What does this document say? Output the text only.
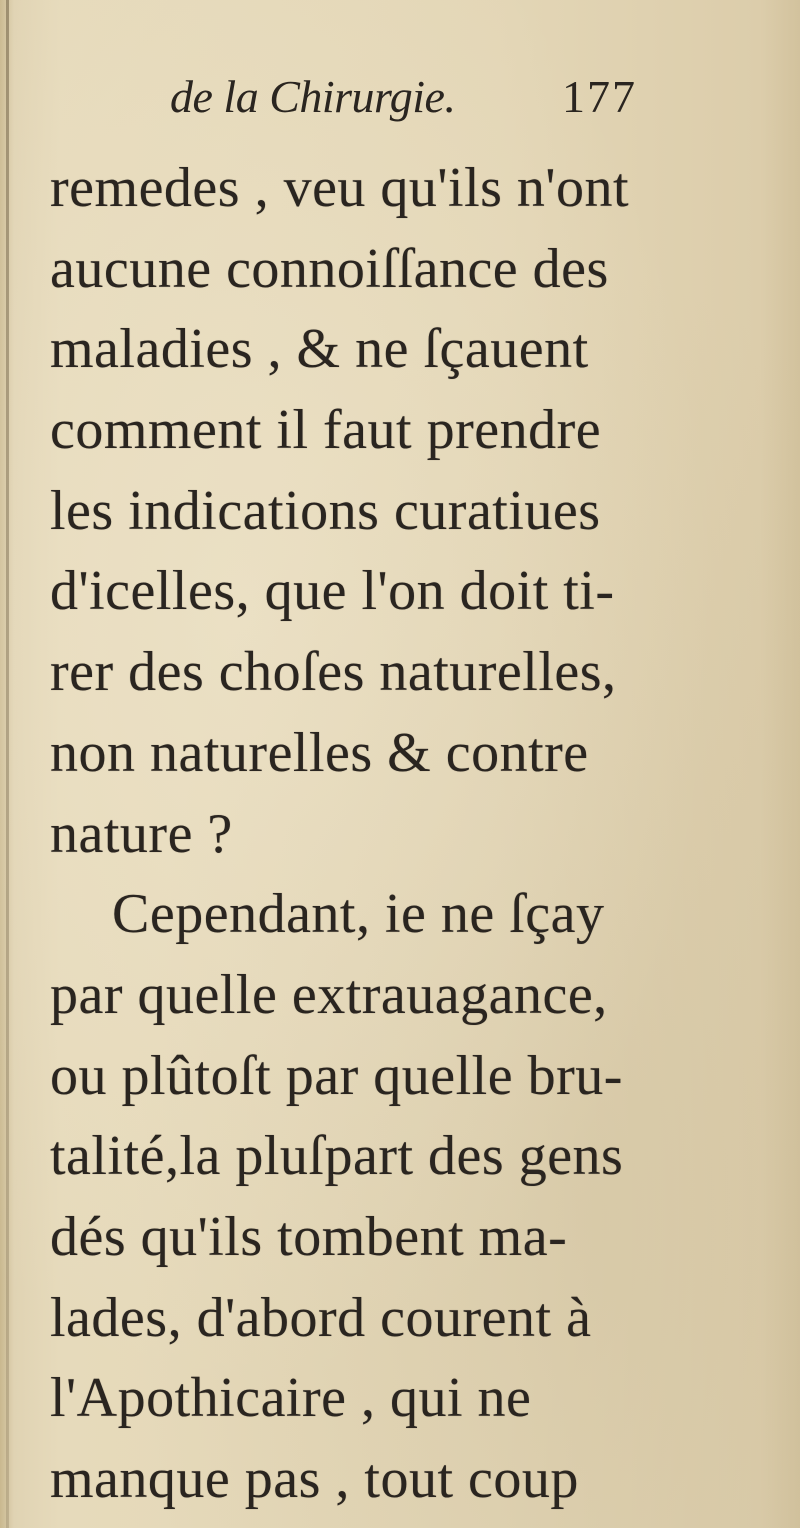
de la Chirurgie. 177
remedes , veu qu'ils n'ont
aucune connoiſſance des
maladies , & ne ſçauent
comment il faut prendre
les indications curatiues
d'icelles, que l'on doit ti-
rer des choſes naturelles,
non naturelles & contre
nature ?
Cependant, ie ne ſçay
par quelle extrauagance,
ou plûtoſt par quelle bru-
talité,la pluſpart des gens
dés qu'ils tombent ma-
lades, d'abord courent à
l'Apothicaire , qui ne
manque pas , tout coup
